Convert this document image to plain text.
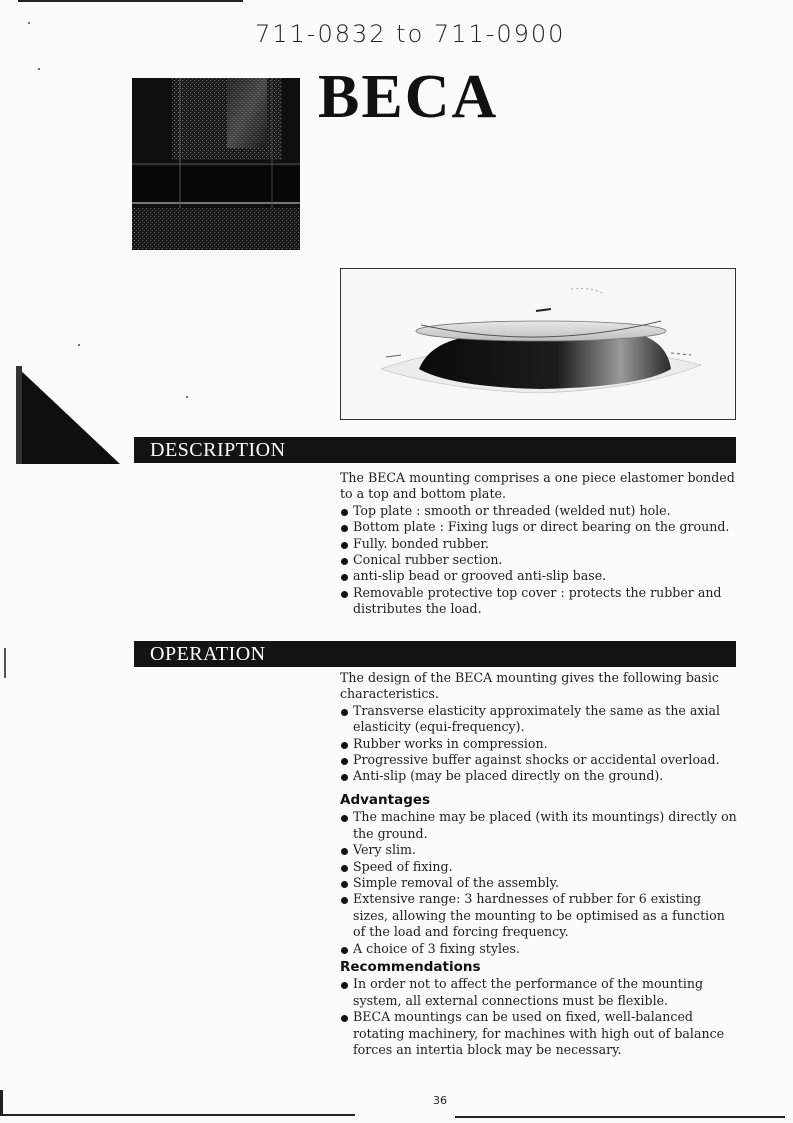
711-0832 to 711-0900
BECA
DESCRIPTION

The BECA mounting comprises a one piece elastomer bonded to a top and bottom plate.

Top plate : smooth or threaded (welded nut) hole.
Bottom plate : Fixing lugs or direct bearing on the ground.
Fully. bonded rubber.
Conical rubber section.
anti-slip bead or grooved anti-slip base.
Removable protective top cover : protects the rubber and distributes the load.
OPERATION

The design of the BECA mounting gives the following basic characteristics.

Transverse elasticity approximately the same as the axial elasticity (equi-frequency).
Rubber works in compression.
Progressive buffer against shocks or accidental overload.
Anti-slip (may be placed directly on the ground).
Advantages
The machine may be placed (with its mountings) directly on the ground.
Very slim.
Speed of fixing.
Simple removal of the assembly.
Extensive range: 3 hardnesses of rubber for 6 existing sizes, allowing the mounting to be optimised as a function of the load and forcing frequency.
A choice of 3 fixing styles.
Recommendations
In order not to affect the performance of the mounting system, all external connections must be flexible.
BECA mountings can be used on fixed, well-balanced rotating machinery, for machines with high out of balance forces an intertia block may be necessary.
36
